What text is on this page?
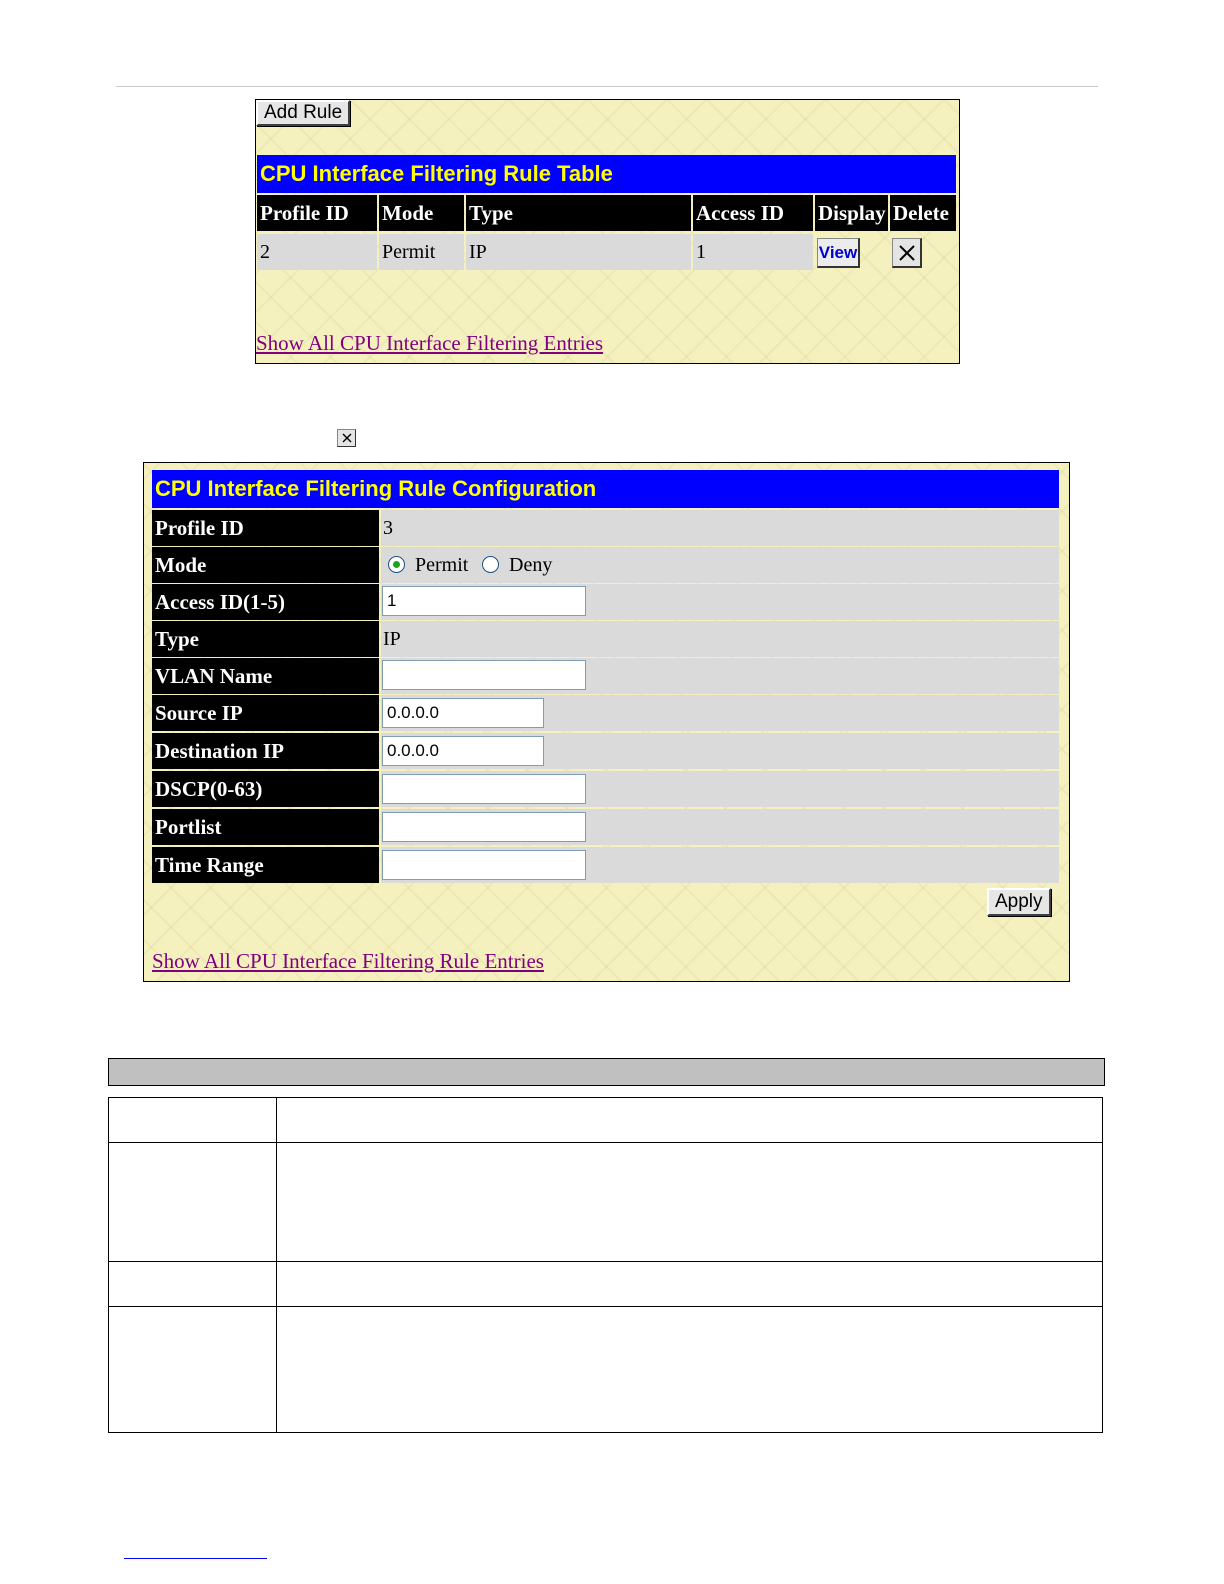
Add Rule
CPU Interface Filtering Rule Table
Profile ID	Mode	Type	Access ID	Display Delete
2	Permit	IP	1	View
Show All CPU Interface Filtering Entries
CPU Interface Filtering Rule Configuration
Profile ID	3
Mode	Permit Deny
Access ID(1-5)	1
Type	IP
VLAN Name
Source IP	0.0.0.0
Destination IP	0.0.0.0
DSCP(0-63)
Portlist
Time Range
Apply
Show All CPU Interface Filtering Rule Entries
